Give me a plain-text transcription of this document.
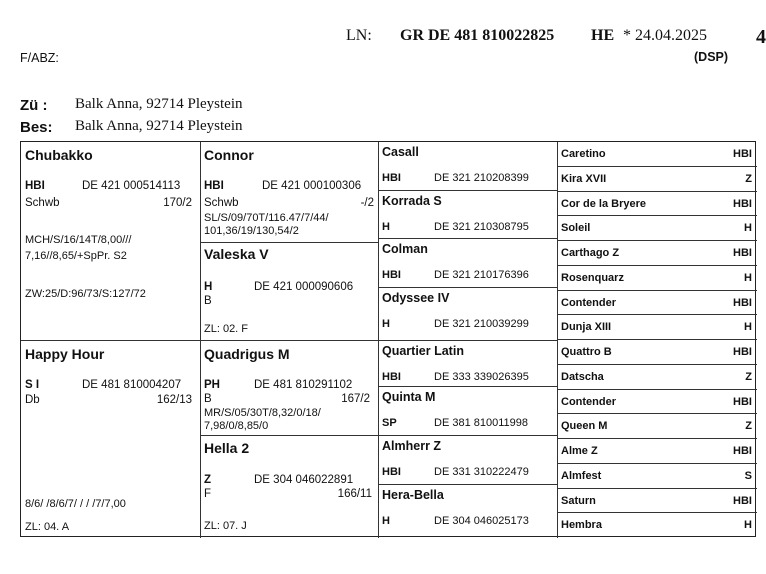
LN: GR DE 481 810022825 HE * 24.04.2025 4
F/ABZ:	(DSP)
Zü : Balk Anna, 92714 Pleystein
Bes: Balk Anna, 92714 Pleystein
Chubakko
HBI	DE 421 000514113
Schwb	170/2
MCH/S/16/14T/8,00///
7,16//8,65/+SpPr. S2
ZW:25/D:96/73/S:127/72
Happy Hour
S I	DE 481 810004207
Db	162/13
8/6/ /8/6/7/ / / /7/7,00
ZL: 04. A
Connor
HBI	DE 421 000100306
Schwb	-/2
SL/S/09/70T/116.47/7/44/
101,36/19/130,54/2
Valeska V
H	DE 421 000090606
B
ZL: 02. F
Quadrigus M
PH	DE 481 810291102
B	167/2
MR/S/05/30T/8,32/0/18/
7,98/0/8,85/0
Hella 2
Z	DE 304 046022891
F	166/11
ZL: 07. J
Casall
HBI	DE 321 210208399
Korrada S
H	DE 321 210308795
Colman
HBI	DE 321 210176396
Odyssee IV
H	DE 321 210039299
Quartier Latin
HBI	DE 333 339026395
Quinta M
SP	DE 381 810011998
Almherr Z
HBI	DE 331 310222479
Hera-Bella
H	DE 304 046025173
Caretino	HBI
Kira XVII	Z
Cor de la Bryere	HBI
Soleil	H
Carthago Z	HBI
Rosenquarz	H
Contender	HBI
Dunja XIII	H
Quattro B	HBI
Datscha	Z
Contender	HBI
Queen M	Z
Alme Z	HBI
Almfest	S
Saturn	HBI
Hembra	H
